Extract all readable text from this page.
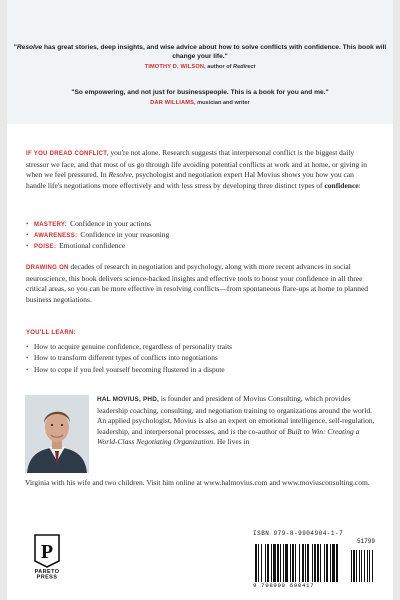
"Resolve has great stories, deep insights, and wise advice about how to solve conflicts with confidence. This book will change your life."
TIMOTHY D. WILSON, author of Redirect
"So empowering, and not just for businesspeople. This is a book for you and me."
DAR WILLIAMS, musician and writer
IF YOU DREAD CONFLICT, you're not alone. Research suggests that interpersonal conflict is the biggest daily stressor we face, and that most of us go through life avoiding potential conflicts at work and at home, or giving in when we feel pressured. In Resolve, psychologist and negotiation expert Hal Movius shows you how you can handle life's negotiations more effectively and with less stress by developing three distinct types of confidence:
• MASTERY: Confidence in your actions
• AWARENESS: Confidence in your reasoning
• POISE: Emotional confidence
DRAWING ON decades of research in negotiation and psychology, along with more recent advances in social neuroscience, this book delivers science-backed insights and effective tools to boost your confidence in all three critical areas, so you can be more effective in resolving conflicts—from spontaneous flare-ups at home to planned business negotiations.
YOU'LL LEARN:
• How to acquire genuine confidence, regardless of personality traits
• How to transform different types of conflicts into negotiations
• How to cope if you feel yourself becoming flustered in a dispute
HAL MOVIUS, PHD, is founder and president of Movius Consulting, which provides leadership coaching, consulting, and negotiation training to organizations around the world. An applied psychologist, Movius is also an expert on emotional intelligence, self-regulation, leadership, and interpersonal processes, and is the co-author of Built to Win: Creating a World-Class Negotiating Organization. He lives in
Virginia with his wife and two children. Visit him online at www.halmovius.com and www.moviusconsulting.com.
P
PARETO
PRESS
ISBN 979-8-9904904-1-7
51799
9 798990 690417
